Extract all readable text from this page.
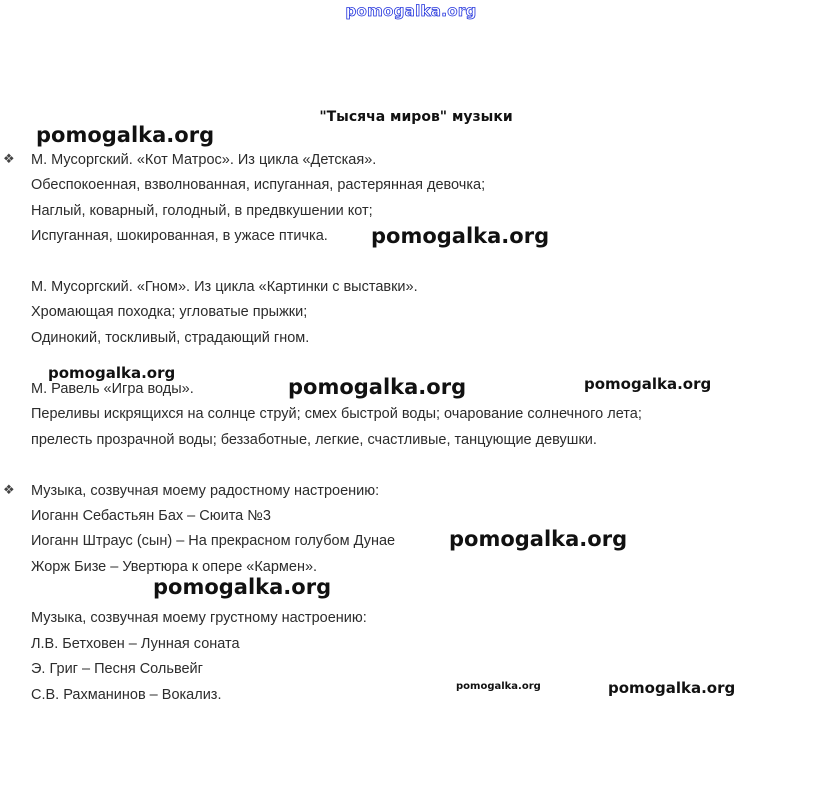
pomogalka.org
"Тысяча миров" музыки
❖ М. Мусоргский. «Кот Матрос». Из цикла «Детская».
Обеспокоенная, взволнованная, испуганная, растерянная девочка;
Наглый, коварный, голодный, в предвкушении кот;
Испуганная, шокированная, в ужасе птичка.
М. Мусоргский. «Гном». Из цикла «Картинки с выставки».
Хромающая походка; угловатые прыжки;
Одинокий, тоскливый, страдающий гном.
М. Равель «Игра воды».
Переливы искрящихся на солнце струй; смех быстрой воды; очарование солнечного лета;
прелесть прозрачной воды; беззаботные, легкие, счастливые, танцующие девушки.
❖ Музыка, созвучная моему радостному настроению:
Иоганн Себастьян Бах – Сюита №3
Иоганн Штраус (сын) – На прекрасном голубом Дунае
Жорж Бизе – Увертюра к опере «Кармен».
Музыка, созвучная моему грустному настроению:
Л.В. Бетховен – Лунная соната
Э. Григ – Песня Сольвейг
С.В. Рахманинов – Вокализ.
pomogalka.org
pomogalka.org
pomogalka.org
pomogalka.org	pomogalka.org
pomogalka.org
pomogalka.org
pomogalka.org	pomogalka.org
